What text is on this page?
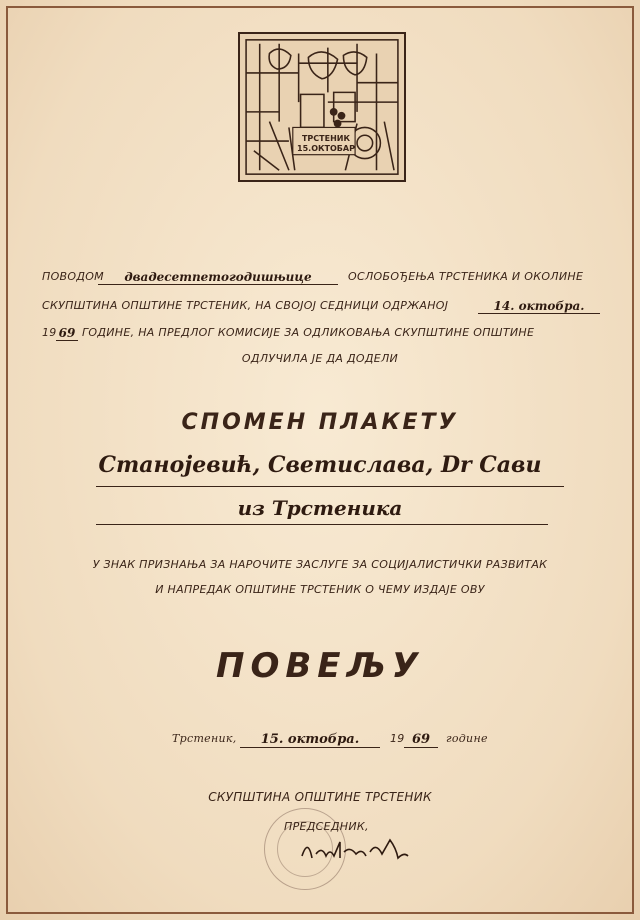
ТРСТЕНИК
15.ОКТОБАР
ПОВОДОМ	двадесетпетогодишњице	ОСЛОБОЂЕЊА ТРСТЕНИКА И ОКОЛИНЕ
СКУПШТИНА ОПШТИНЕ ТРСТЕНИК, НА СВОЈОЈ СЕДНИЦИ ОДРЖАНОЈ	14. октобра.
19 69 ГОДИНЕ, НА ПРЕДЛОГ КОМИСИЈЕ ЗА ОДЛИКОВАЊА СКУПШТИНЕ ОПШТИНЕ
ОДЛУЧИЛА ЈЕ ДА ДОДЕЛИ
СПОМЕН ПЛАКЕТУ
Станојевић, Светислава, Dr Сави
из Трстеника
У ЗНАК ПРИЗНАЊА ЗА НАРОЧИТЕ ЗАСЛУГЕ ЗА СОЦИЈАЛИСТИЧКИ РАЗВИТАК
И НАПРЕДАК ОПШТИНЕ ТРСТЕНИК О ЧЕМУ ИЗДАЈЕ ОВУ
ПОВЕЉУ
Трстеник,	15. октобра.	19 69	године
СКУПШТИНА ОПШТИНЕ ТРСТЕНИК
ПРЕДСЕДНИК,
